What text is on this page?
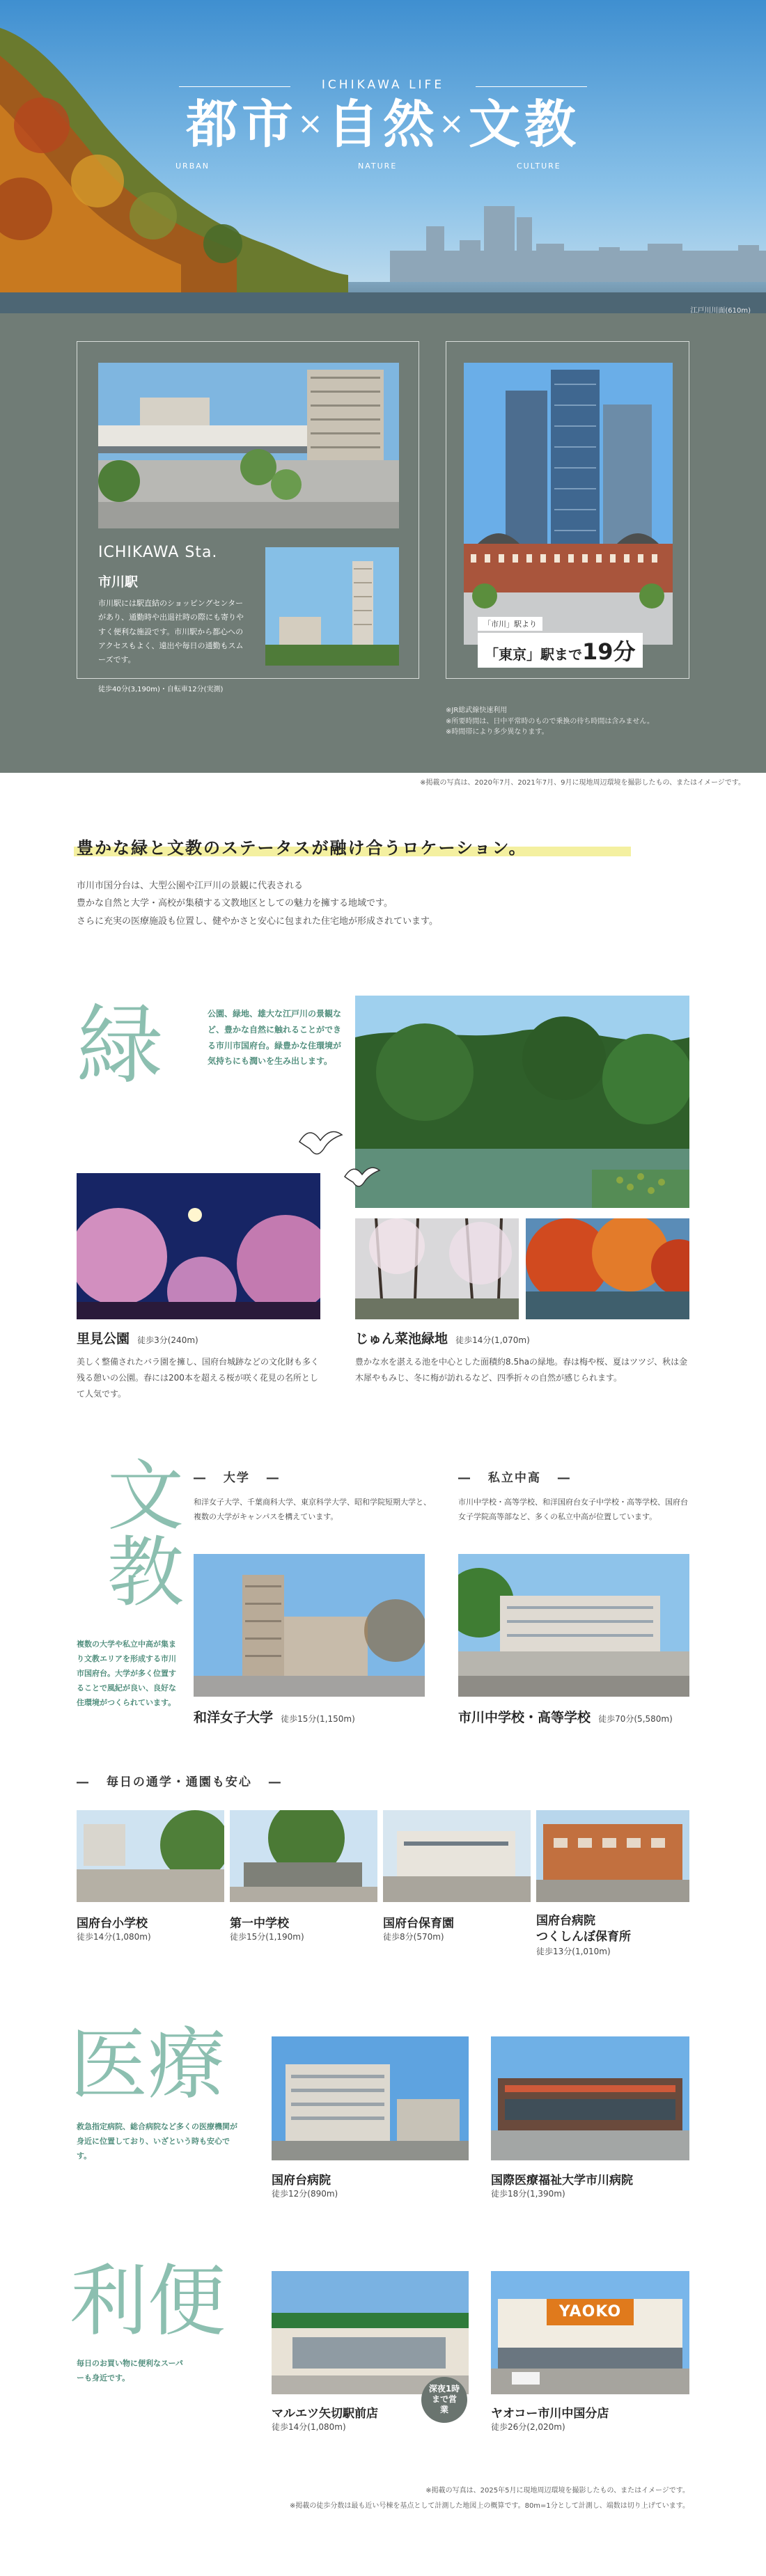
ICHIKAWA LIFE
都市×自然×文教
URBAN	NATURE	CULTURE
江戸川川面(610m)
ICHIKAWA Sta.
市川駅
市川駅には駅直結のショッピングセンターがあり、通勤時や出退社時の際にも寄りやすく便利な施設です。市川駅から都心へのアクセスもよく、遠出や毎日の通勤もスムーズです。
徒歩40分(3,190m)・自転車12分(実測)
「市川」駅より
「東京」駅まで19分
※JR総武線快速利用
※所要時間は、日中平常時のもので乗換の待ち時間は含みません。
※時間帯により多少異なります。
※掲載の写真は、2020年7月、2021年7月、9月に現地周辺環境を撮影したもの、またはイメージです。
豊かな緑と文教のステータスが融け合うロケーション。
市川市国分台は、大型公園や江戸川の景観に代表される
豊かな自然と大学・高校が集積する文教地区としての魅力を擁する地域です。
さらに充実の医療施設も位置し、健やかさと安心に包まれた住宅地が形成されています。
緑	公園、緑地、雄大な江戸川の景観など、豊かな自然に触れることができる市川市国府台。緑豊かな住環境が気持ちにも潤いを生み出します。
里見公園 徒歩3分(240m)
美しく整備されたバラ園を擁し、国府台城跡などの文化財も多く残る憩いの公園。春には200本を超える桜が咲く花見の名所として人気です。
じゅん菜池緑地 徒歩14分(1,070m)
豊かな水を湛える池を中心とした面積約8.5haの緑地。春は梅や桜、夏はツツジ、秋は金木犀やもみじ、冬に梅が訪れるなど、四季折々の自然が感じられます。
文教
複数の大学や私立中高が集まり文教エリアを形成する市川市国府台。大学が多く位置することで風紀が良い、良好な住環境がつくられています。
― 大学 ―
和洋女子大学、千葉商科大学、東京科学大学、昭和学院短期大学と、複数の大学がキャンパスを構えています。
和洋女子大学 徒歩15分(1,150m)
― 私立中高 ―
市川中学校・高等学校、和洋国府台女子中学校・高等学校、国府台女子学院高等部など、多くの私立中高が位置しています。
市川中学校・高等学校 徒歩70分(5,580m)
― 毎日の通学・通園も安心 ―
国府台小学校
徒歩14分(1,080m)
第一中学校
徒歩15分(1,190m)
国府台保育園
徒歩8分(570m)
国府台病院
つくしんぼ保育所
徒歩13分(1,010m)
医療
救急指定病院、総合病院など多くの医療機関が身近に位置しており、いざという時も安心です。
国府台病院
徒歩12分(890m)
国際医療福祉大学市川病院
徒歩18分(1,390m)
利便
毎日のお買い物に便利なスーパーも身近です。
YAOKO
深夜1時まで営業
マルエツ矢切駅前店
徒歩14分(1,080m)
ヤオコー市川中国分店
徒歩26分(2,020m)
※掲載の写真は、2025年5月に現地周辺環境を撮影したもの、またはイメージです。
※掲載の徒歩分数は最も近い号棟を基点として計測した地図上の概算です。80m=1分として計測し、端数は切り上げています。
